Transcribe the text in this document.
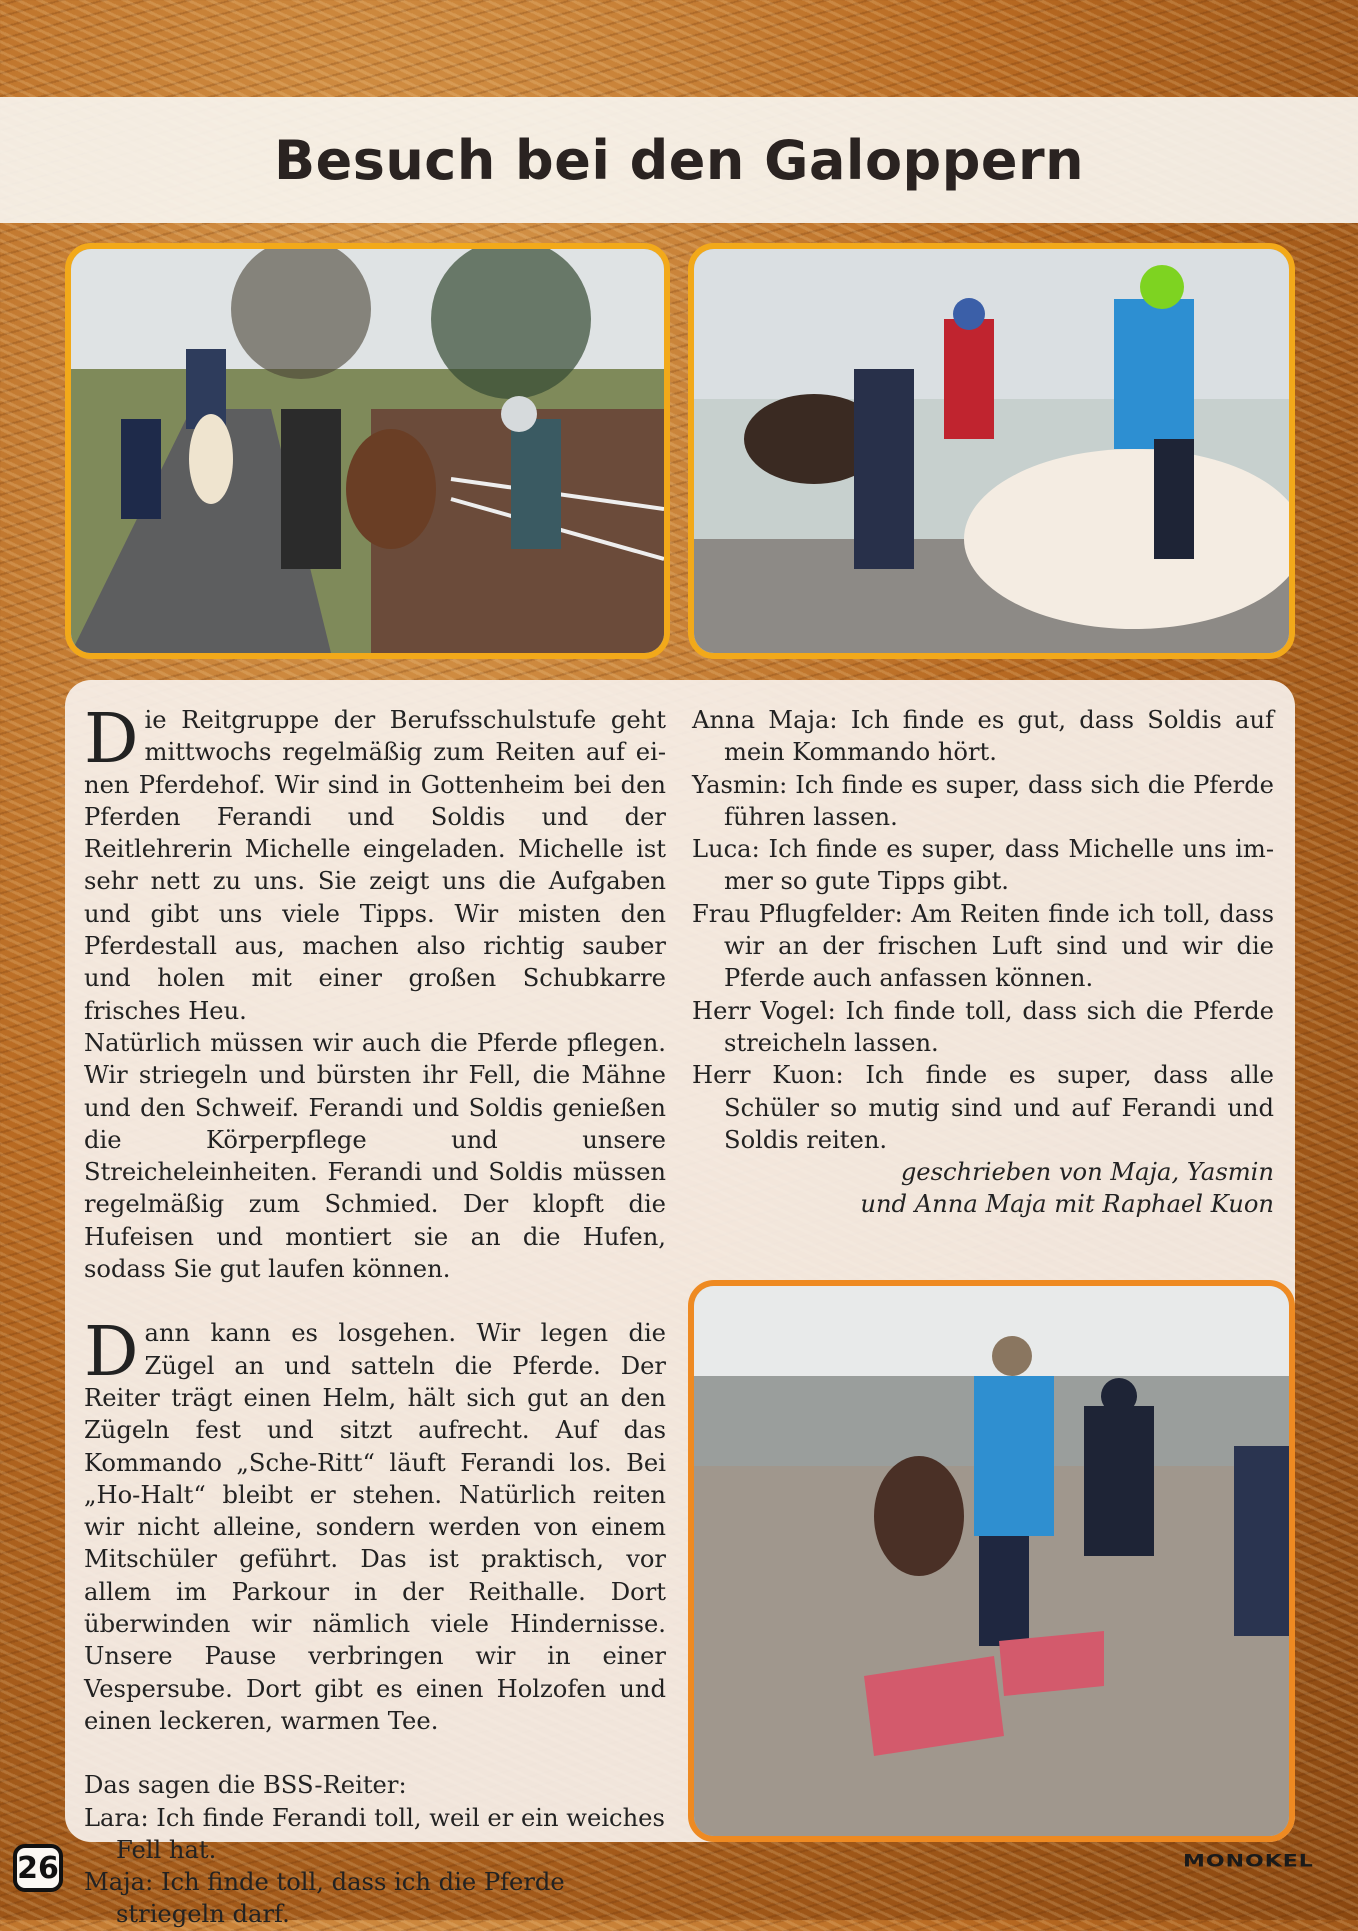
Besuch bei den Galoppern

Die Reitgruppe der Berufsschulstufe geht mittwochs regelmäßig zum Reiten auf einen Pferdehof. Wir sind in Gottenheim bei den Pferden Ferandi und Soldis und der Reitlehrerin Michelle eingeladen. Michelle ist sehr nett zu uns. Sie zeigt uns die Aufgaben und gibt uns viele Tipps. Wir misten den Pferdestall aus, machen also richtig sauber und holen mit einer großen Schubkarre frisches Heu.

Natürlich müssen wir auch die Pferde pflegen. Wir striegeln und bürsten ihr Fell, die Mähne und den Schweif. Ferandi und Soldis genießen die Körperpflege und unsere Streicheleinheiten. Ferandi und Soldis müssen regelmäßig zum Schmied. Der klopft die Hufeisen und montiert sie an die Hufen, sodass Sie gut laufen können.

Dann kann es losgehen. Wir legen die Zügel an und satteln die Pferde. Der Reiter trägt einen Helm, hält sich gut an den Zügeln fest und sitzt aufrecht. Auf das Kommando „Sche-Ritt“ läuft Ferandi los. Bei „Ho-Halt“ bleibt er stehen. Natürlich reiten wir nicht alleine, sondern werden von einem Mitschüler geführt. Das ist praktisch, vor allem im Parkour in der Reithalle. Dort überwinden wir nämlich viele Hindernisse. Unsere Pause verbringen wir in einer Vespersube. Dort gibt es einen Holzofen und einen leckeren, warmen Tee.

Das sagen die BSS-Reiter:

Lara: Ich finde Ferandi toll, weil er ein weiches Fell hat.

Maja: Ich finde toll, dass ich die Pferde striegeln darf.

Anna Maja: Ich finde es gut, dass Soldis auf mein Kommando hört.

Yasmin: Ich finde es super, dass sich die Pferde führen lassen.

Luca: Ich finde es super, dass Michelle uns immer so gute Tipps gibt.

Frau Pflugfelder: Am Reiten finde ich toll, dass wir an der frischen Luft sind und wir die Pferde auch anfassen können.

Herr Vogel: Ich finde toll, dass sich die Pferde streicheln lassen.

Herr Kuon: Ich finde es super, dass alle Schüler so mutig sind und auf Ferandi und Soldis reiten.

geschrieben von Maja, Yasmin

und Anna Maja mit Raphael Kuon

26	MONOKEL
